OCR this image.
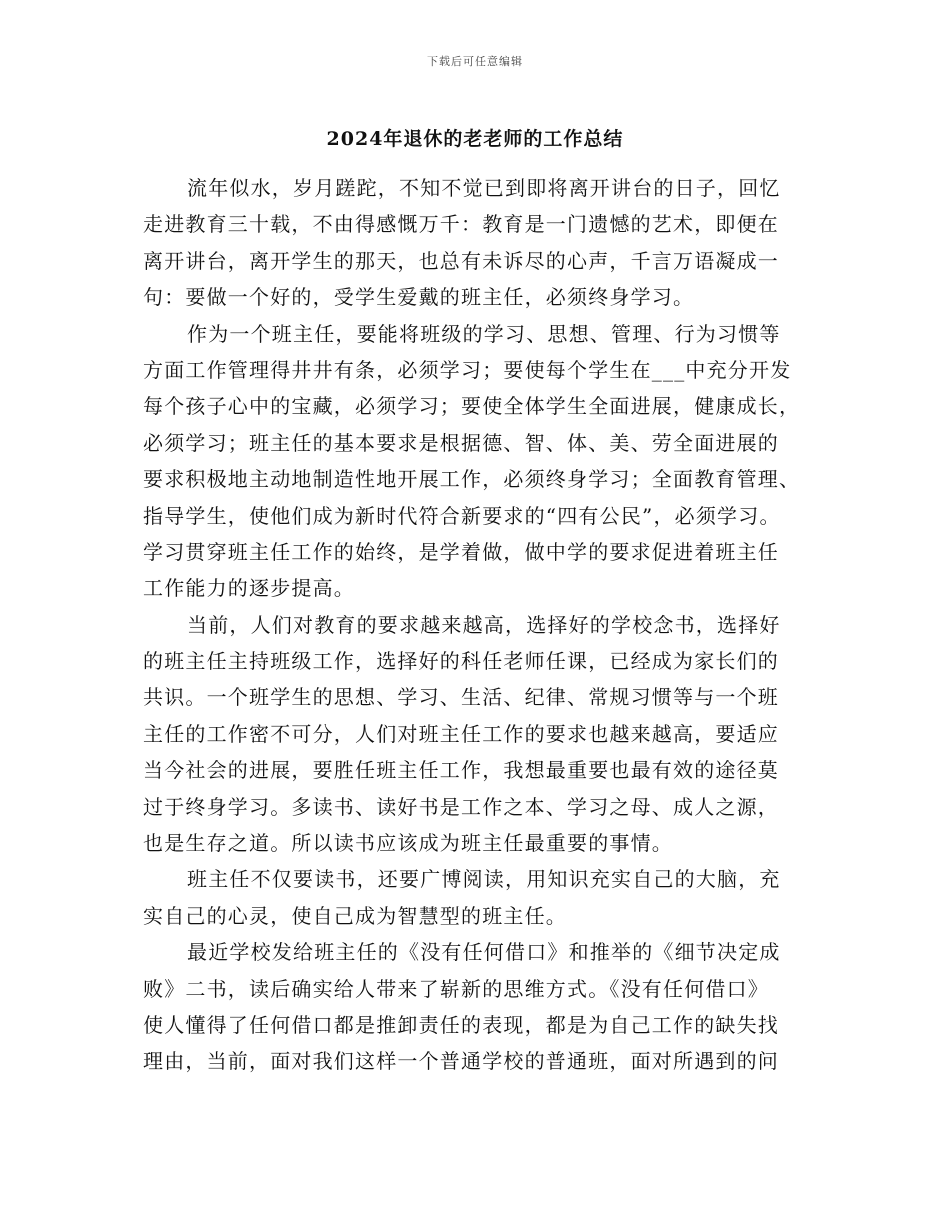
下载后可任意编辑
2024年退休的老老师的工作总结
流年似水，岁月蹉跎，不知不觉已到即将离开讲台的日子，回忆
走进教育三十载，不由得感慨万千：教育是一门遗憾的艺术，即便在
离开讲台，离开学生的那天，也总有未诉尽的心声，千言万语凝成一
句：要做一个好的，受学生爱戴的班主任，必须终身学习。
作为一个班主任，要能将班级的学习、思想、管理、行为习惯等
方面工作管理得井井有条，必须学习；要使每个学生在___中充分开发
每个孩子心中的宝藏，必须学习；要使全体学生全面进展，健康成长，
必须学习；班主任的基本要求是根据德、智、体、美、劳全面进展的
要求积极地主动地制造性地开展工作，必须终身学习；全面教育管理、
指导学生，使他们成为新时代符合新要求的“四有公民”，必须学习。
学习贯穿班主任工作的始终，是学着做，做中学的要求促进着班主任
工作能力的逐步提高。
当前，人们对教育的要求越来越高，选择好的学校念书，选择好
的班主任主持班级工作，选择好的科任老师任课，已经成为家长们的
共识。一个班学生的思想、学习、生活、纪律、常规习惯等与一个班
主任的工作密不可分，人们对班主任工作的要求也越来越高，要适应
当今社会的进展，要胜任班主任工作，我想最重要也最有效的途径莫
过于终身学习。多读书、读好书是工作之本、学习之母、成人之源，
也是生存之道。所以读书应该成为班主任最重要的事情。
班主任不仅要读书，还要广博阅读，用知识充实自己的大脑，充
实自己的心灵，使自己成为智慧型的班主任。
最近学校发给班主任的《没有任何借口》和推举的《细节决定成
败》二书，读后确实给人带来了崭新的思维方式。《没有任何借口》
使人懂得了任何借口都是推卸责任的表现，都是为自己工作的缺失找
理由，当前，面对我们这样一个普通学校的普通班，面对所遇到的问
